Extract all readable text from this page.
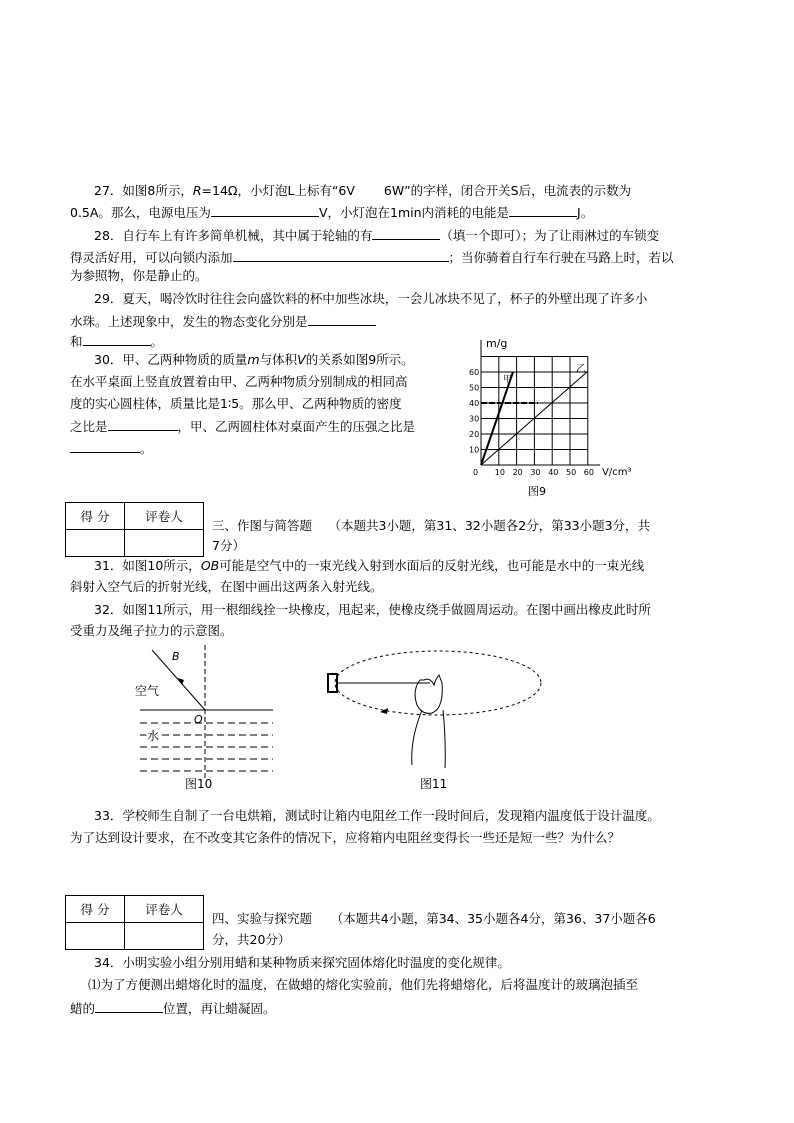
27．如图8所示，R=14Ω，小灯泡L上标有“6V　　 6W”的字样，闭合开关S后，电流表的示数为
0.5A。那么，电源电压为	V，小灯泡在1min内消耗的电能是	J。
28．自行车上有许多简单机械，其中属于轮轴的有	（填一个即可）；为了让雨淋过的车锁变
得灵活好用，可以向锁内添加	；当你骑着自行车行驶在马路上时，若以
为参照物，你是静止的。
29．夏天，喝冷饮时往往会向盛饮料的杯中加些冰块，一会儿冰块不见了，杯子的外壁出现了许多小
水珠。上述现象中，发生的物态变化分别是
和	。
30．甲、乙两种物质的质量m与体积V的关系如图9所示。
在水平桌面上竖直放置着由甲、乙两种物质分别制成的相同高
度的实心圆柱体，质量比是1∶5。那么甲、乙两种物质的密度
之比是	，甲、乙两圆柱体对桌面产生的压强之比是
。
m/g
V/cm³
甲
乙
10
20
30
40
50
60
0 10 20 30 40 50 60
图9
得 分	评卷人

三、作图与简答题　 （本题共3小题，第31、32小题各2分，第33小题3分，共
7分）
31．如图10所示，OB可能是空气中的一束光线入射到水面后的反射光线，也可能是水中的一束光线
斜射入空气后的折射光线，在图中画出这两条入射光线。
32．如图11所示，用一根细线拴一块橡皮，甩起来，使橡皮绕手做圆周运动。在图中画出橡皮此时所
受重力及绳子拉力的示意图。
B
O
空气
水
图10	图11
33．学校师生自制了一台电烘箱，测试时让箱内电阻丝工作一段时间后，发现箱内温度低于设计温度。
为了达到设计要求，在不改变其它条件的情况下，应将箱内电阻丝变得长一些还是短一些？为什么？
得 分	评卷人

四、实验与探究题　　（本题共4小题，第34、35小题各4分，第36、37小题各6
分，共20分）
34．小明实验小组分别用蜡和某种物质来探究固体熔化时温度的变化规律。
⑴为了方便测出蜡熔化时的温度，在做蜡的熔化实验前，他们先将蜡熔化，后将温度计的玻璃泡插至
蜡的	位置，再让蜡凝固。
